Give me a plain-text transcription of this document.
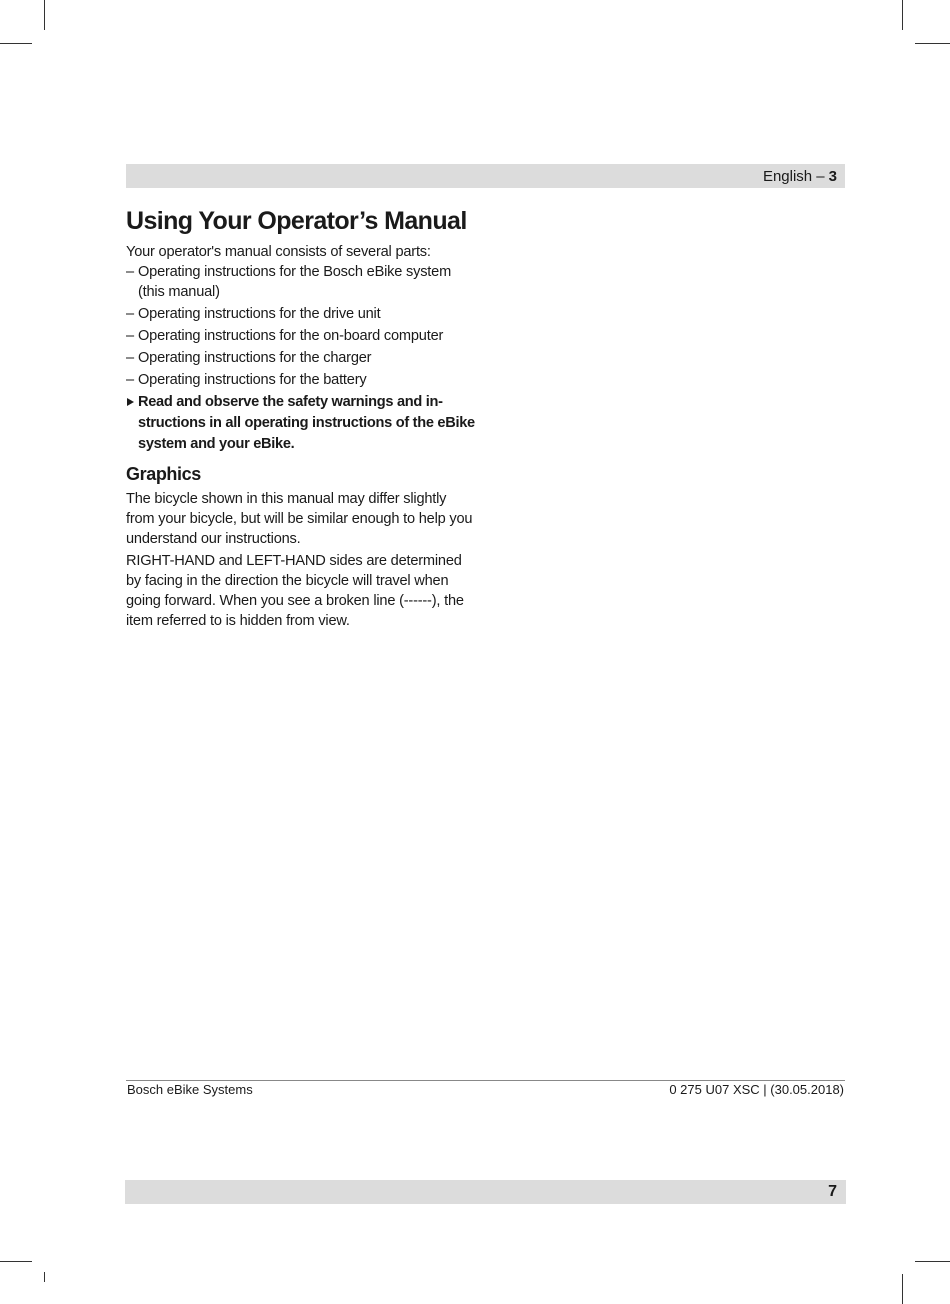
English – 3
Using Your Operator’s Manual

Your operator's manual consists of several parts:

– Operating instructions for the Bosch eBike system (this manual)
– Operating instructions for the drive unit
– Operating instructions for the on-board computer
– Operating instructions for the charger
– Operating instructions for the battery
Read and observe the safety warnings and in-structions in all operating instructions of the eBike system and your eBike.
Graphics

The bicycle shown in this manual may differ slightly from your bicycle, but will be similar enough to help you understand our instructions.

RIGHT-HAND and LEFT-HAND sides are determined by facing in the direction the bicycle will travel when going forward. When you see a broken line (------), the item referred to is hidden from view.

Bosch eBike Systems	0 275 U07 XSC | (30.05.2018)
7
